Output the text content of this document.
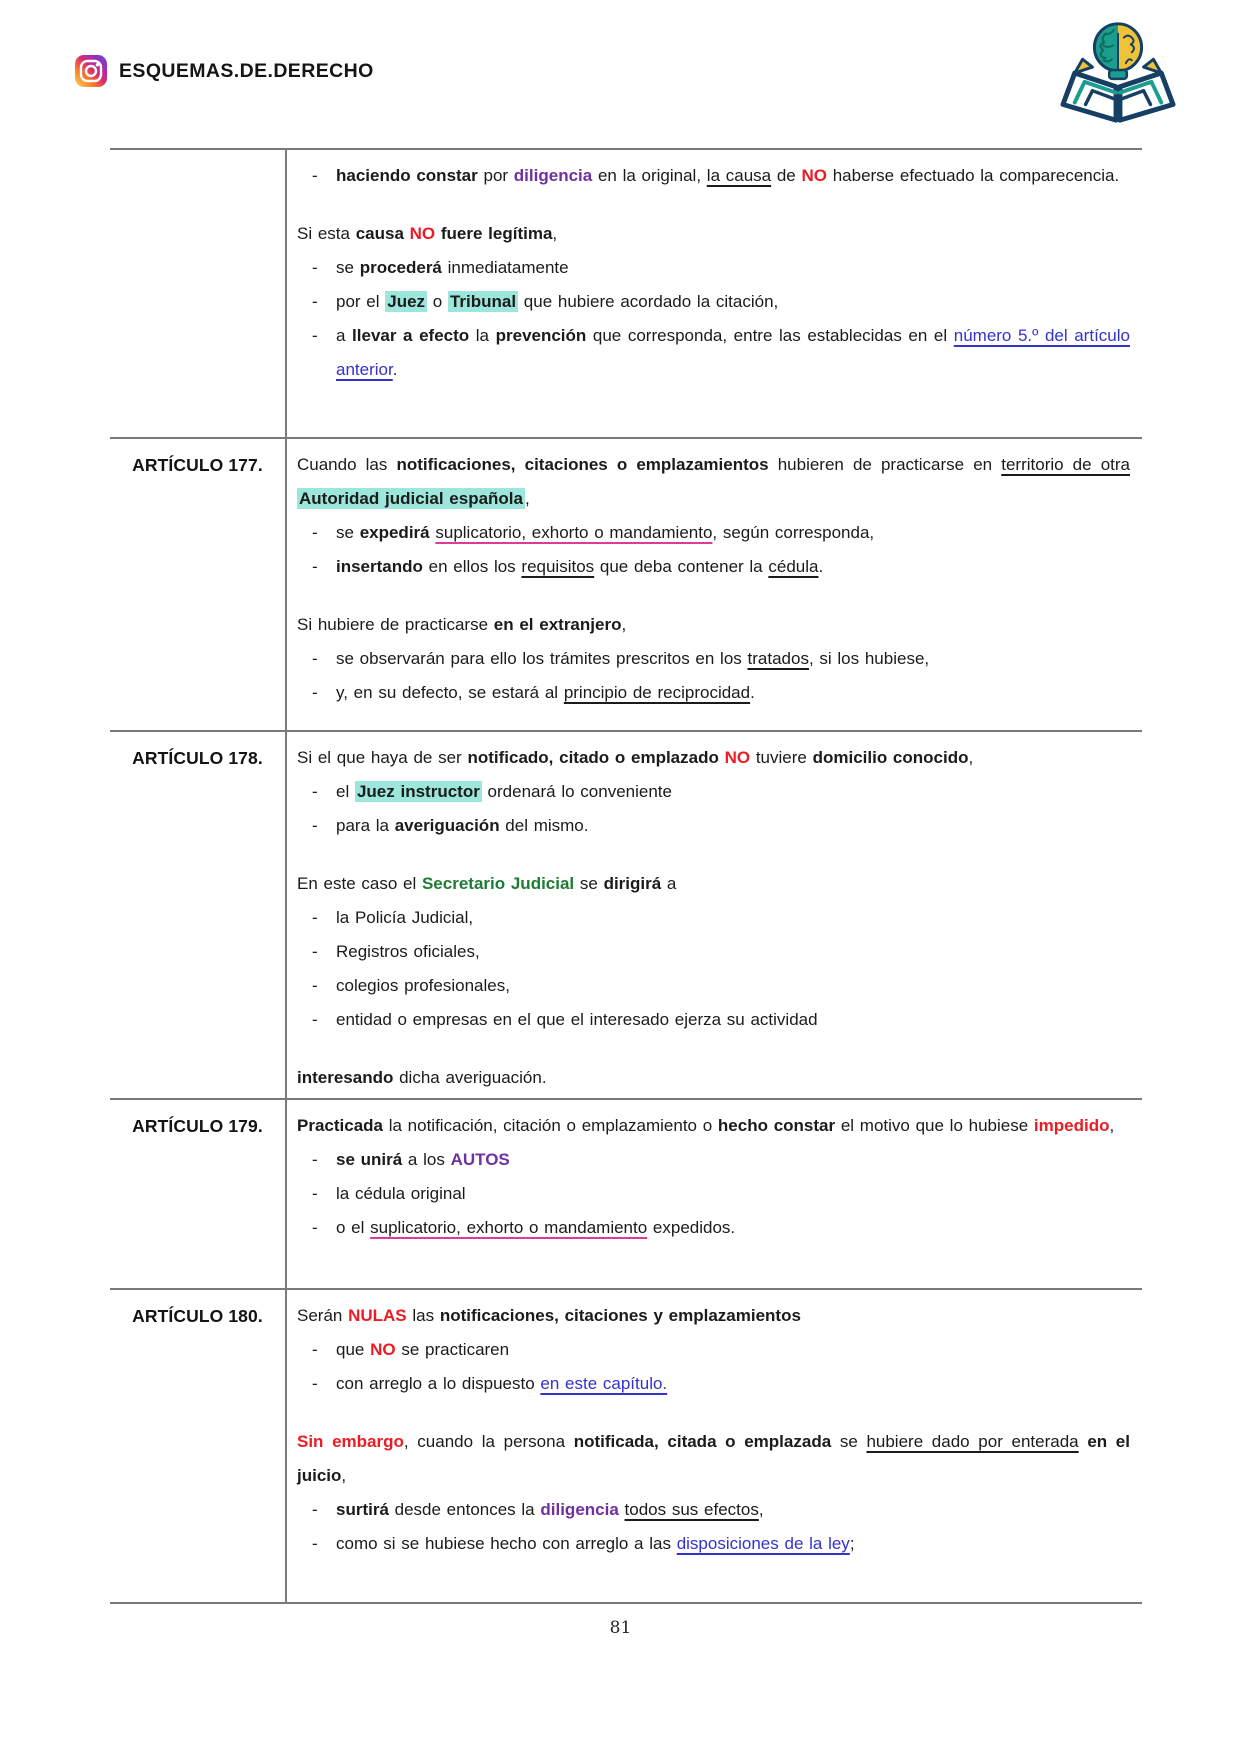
ESQUEMAS.DE.DERECHO
- haciendo constar por diligencia en la original, la causa de NO haberse efectuado la comparecencia.

Si esta causa NO fuere legítima,

- se procederá inmediatamente
- por el Juez o Tribunal que hubiere acordado la citación,
- a llevar a efecto la prevención que corresponda, entre las establecidas en el número 5.º del artículo anterior.
ARTÍCULO 177.	Cuando las notificaciones, citaciones o emplazamientos hubieren de practicarse en territorio de otra Autoridad judicial española ,

- se expedirá suplicatorio, exhorto o mandamiento, según corresponda,
- insertando en ellos los requisitos que deba contener la cédula.

Si hubiere de practicarse en el extranjero,

- se observarán para ello los trámites prescritos en los tratados, si los hubiese,
- y, en su defecto, se estará al principio de reciprocidad.
ARTÍCULO 178.	Si el que haya de ser notificado, citado o emplazado NO tuviere domicilio conocido,

- el Juez instructor ordenará lo conveniente
- para la averiguación del mismo.

En este caso el Secretario Judicial se dirigirá a

- la Policía Judicial,
- Registros oficiales,
- colegios profesionales,
- entidad o empresas en el que el interesado ejerza su actividad

interesando dicha averiguación.

ARTÍCULO 179.	Practicada la notificación, citación o emplazamiento o hecho constar el motivo que lo hubiese impedido,

- se unirá a los AUTOS
- la cédula original
- o el suplicatorio, exhorto o mandamiento expedidos.
ARTÍCULO 180.	Serán NULAS las notificaciones, citaciones y emplazamientos

- que NO se practicaren
- con arreglo a lo dispuesto en este capítulo.

Sin embargo, cuando la persona notificada, citada o emplazada se hubiere dado por enterada en el juicio,

- surtirá desde entonces la diligencia todos sus efectos,
- como si se hubiese hecho con arreglo a las disposiciones de la ley;
81
